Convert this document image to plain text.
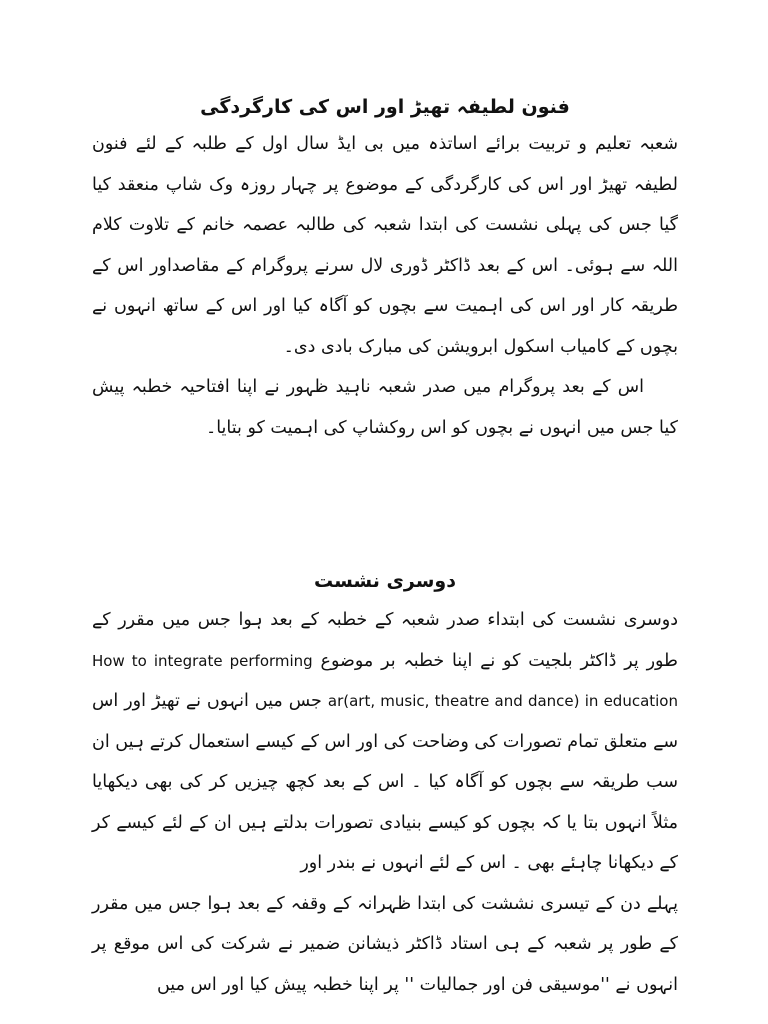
فنون لطیفہ تھیڑ اور اس کی کارگردگی

شعبہ تعلیم و تربیت برائے اساتذہ میں بی ایڈ سال اول کے طلبہ کے لئے فنون لطیفہ تھیڑ اور اس کی کارگردگی کے موضوع پر چہار روزہ وک شاپ منعقد کیا گیا جس کی پہلی نشست کی ابتدا شعبہ کی طالبہ عصمہ خانم کے تلاوت کلام اللہ سے ہوئی۔ اس کے بعد ڈاکٹر ڈوری لال سرنے پروگرام کے مقاصداور اس کے طریقہ کار اور اس کی اہمیت سے بچوں کو آگاہ کیا اور اس کے ساتھ انہوں نے بچوں کے کامیاب اسکول ابرویشن کی مبارک بادی دی۔

اس کے بعد پروگرام میں صدر شعبہ ناہید ظہور نے اپنا افتاحیہ خطبہ پیش کیا جس میں انہوں نے بچوں کو اس روکشاپ کی اہمیت کو بتایا۔

دوسری نشست

دوسری نشست کی ابتداء صدر شعبہ کے خطبہ کے بعد ہوا جس میں مقرر کے طور پر ڈاکٹر بلجیت کو نے اپنا خطبہ بر موضوع How to integrate performing ar(art, music, theatre and dance) in education جس میں انہوں نے تھیڑ اور اس سے متعلق تمام تصورات کی وضاحت کی اور اس کے کیسے استعمال کرتے ہیں ان سب طریقہ سے بچوں کو آگاہ کیا ۔ اس کے بعد کچھ چیزیں کر کی بھی دیکھایا مثلاً انہوں بتا یا کہ بچوں کو کیسے بنیادی تصورات بدلتے ہیں ان کے لئے کیسے کر کے دیکھانا چاہئے بھی ۔ اس کے لئے انہوں نے بندر اور

پہلے دن کے تیسری نششت کی ابتدا ظہرانہ کے وقفہ کے بعد ہوا جس میں مقرر کے طور پر شعبہ کے ہی استاد ڈاکٹر ذیشانن ضمیر نے شرکت کی اس موقع پر انہوں نے ''موسیقی فن اور جمالیات '' پر اپنا خطبہ پیش کیا اور اس میں
